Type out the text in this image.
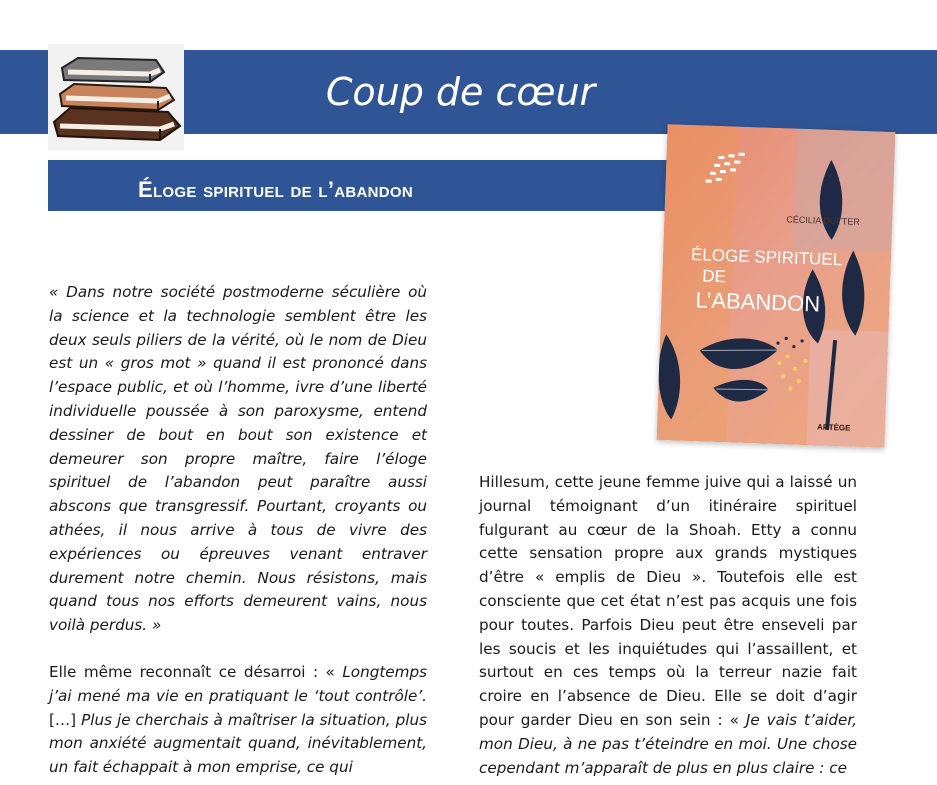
Coup de cœur
Éloge spirituel de l’abandon
CÉCILIA DUTTER
ÉLOGE SPIRITUEL
DE
L’ABANDON
ARTÈGE

« Dans notre société postmoderne séculière où la science et la technologie semblent être les deux seuls piliers de la vérité, où le nom de Dieu est un « gros mot » quand il est prononcé dans l’espace public, et où l’homme, ivre d’une liberté individuelle poussée à son paroxysme, entend dessiner de bout en bout son existence et demeurer son propre maître, faire l’éloge spirituel de l’abandon peut paraître aussi abscons que transgressif. Pourtant, croyants ou athées, il nous arrive à tous de vivre des expériences ou épreuves venant entraver durement notre chemin. Nous résistons, mais quand tous nos efforts demeurent vains, nous voilà perdus. »

Elle même reconnaît ce désarroi : « Longtemps j’ai mené ma vie en pratiquant le ‘tout contrôle’. […] Plus je cherchais à maîtriser la situation, plus mon anxiété augmentait quand, inévitablement, un fait échappait à mon emprise, ce qui

Hillesum, cette jeune femme juive qui a laissé un journal témoignant d’un itinéraire spirituel fulgurant au cœur de la Shoah. Etty a connu cette sensation propre aux grands mystiques d’être « emplis de Dieu ». Toutefois elle est consciente que cet état n’est pas acquis une fois pour toutes. Parfois Dieu peut être enseveli par les soucis et les inquiétudes qui l’assaillent, et surtout en ces temps où la terreur nazie fait croire en l’absence de Dieu. Elle se doit d’agir pour garder Dieu en son sein : « Je vais t’aider, mon Dieu, à ne pas t’éteindre en moi. Une chose cependant m’apparaît de plus en plus claire : ce
